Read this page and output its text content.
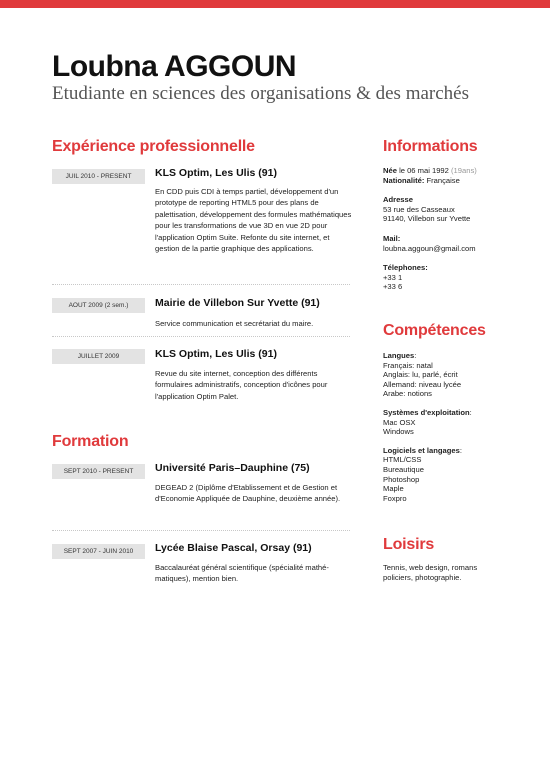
Loubna AGGOUN

Etudiante en sciences des organisations & des marchés

Expérience professionnelle
JUIL 2010 - PRESENT	KLS Optim, Les Ulis (91)

En CDD puis CDI à temps partiel, développement d'un prototype de reporting HTML5 pour des plans de palettisation, développement des formules mathématiques pour les transformations de vue 3D en vue 2D pour l'application Optim Suite. Refonte du site internet, et gestion de la partie graphique des applications.

AOUT 2009 (2 sem.)	Mairie de Villebon Sur Yvette (91)

Service communication et secrétariat du maire.

JUILLET 2009	KLS Optim, Les Ulis (91)

Revue du site internet, conception des différents formulaires administratifs, conception d'icônes pour l'application Optim Palet.

Formation
SEPT 2010 - PRESENT	Université Paris–Dauphine (75)

DEGEAD 2 (Diplôme d'Etablissement et de Gestion et d'Economie Appliquée de Dauphine, deuxième année).

SEPT 2007 - JUIN 2010	Lycée Blaise Pascal, Orsay (91)

Baccalauréat général scientifique (spécialité mathé- matiques), mention bien.

Informations

Née le 06 mai 1992 (19ans)

Nationalité: Française

Adresse

53 rue des Casseaux

91140, Villebon sur Yvette

Mail:

loubna.aggoun@gmail.com

Télephones:

+33 1

+33 6

Compétences

Langues:

Français: natal

Anglais: lu, parlé, écrit

Allemand: niveau lycée

Arabe: notions

Systèmes d'exploitation:

Mac OSX

Windows

Logiciels et langages:

HTML/CSS

Bureautique

Photoshop

Maple

Foxpro

Loisirs

Tennis, web design, romans

policiers, photographie.
